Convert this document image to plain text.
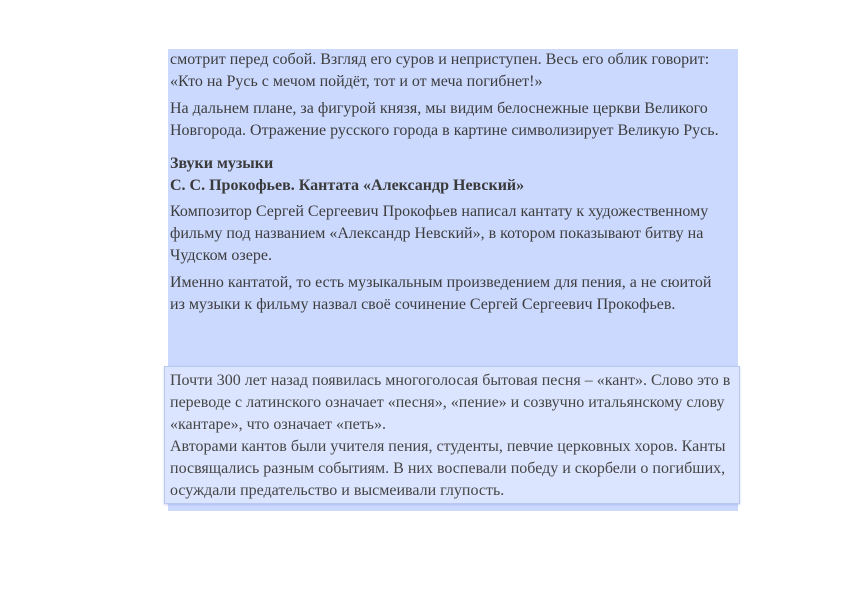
смотрит перед собой. Взгляд его суров и неприступен. Весь его облик говорит: «Кто на Русь с мечом пойдёт, тот и от меча погибнет!»

На дальнем плане, за фигурой князя, мы видим белоснежные церкви Великого Новгорода. Отражение русского города в картине символизирует Великую Русь.

Звуки музыки

С. С. Прокофьев. Кантата «Александр Невский»

Композитор Сергей Сергеевич Прокофьев написал кантату к художественному фильму под названием «Александр Невский», в котором показывают битву на Чудском озере.

Именно кантатой, то есть музыкальным произведением для пения, а не сюитой из музыки к фильму назвал своё сочинение Сергей Сергеевич Прокофьев.

Почти 300 лет назад появилась многоголосая бытовая песня – «кант». Слово это в переводе с латинского означает «песня», «пение» и созвучно итальянскому слову «кантаре», что означает «петь».

Авторами кантов были учителя пения, студенты, певчие церковных хоров. Канты посвящались разным событиям. В них воспевали победу и скорбели о погибших, осуждали предательство и высмеивали глупость.
